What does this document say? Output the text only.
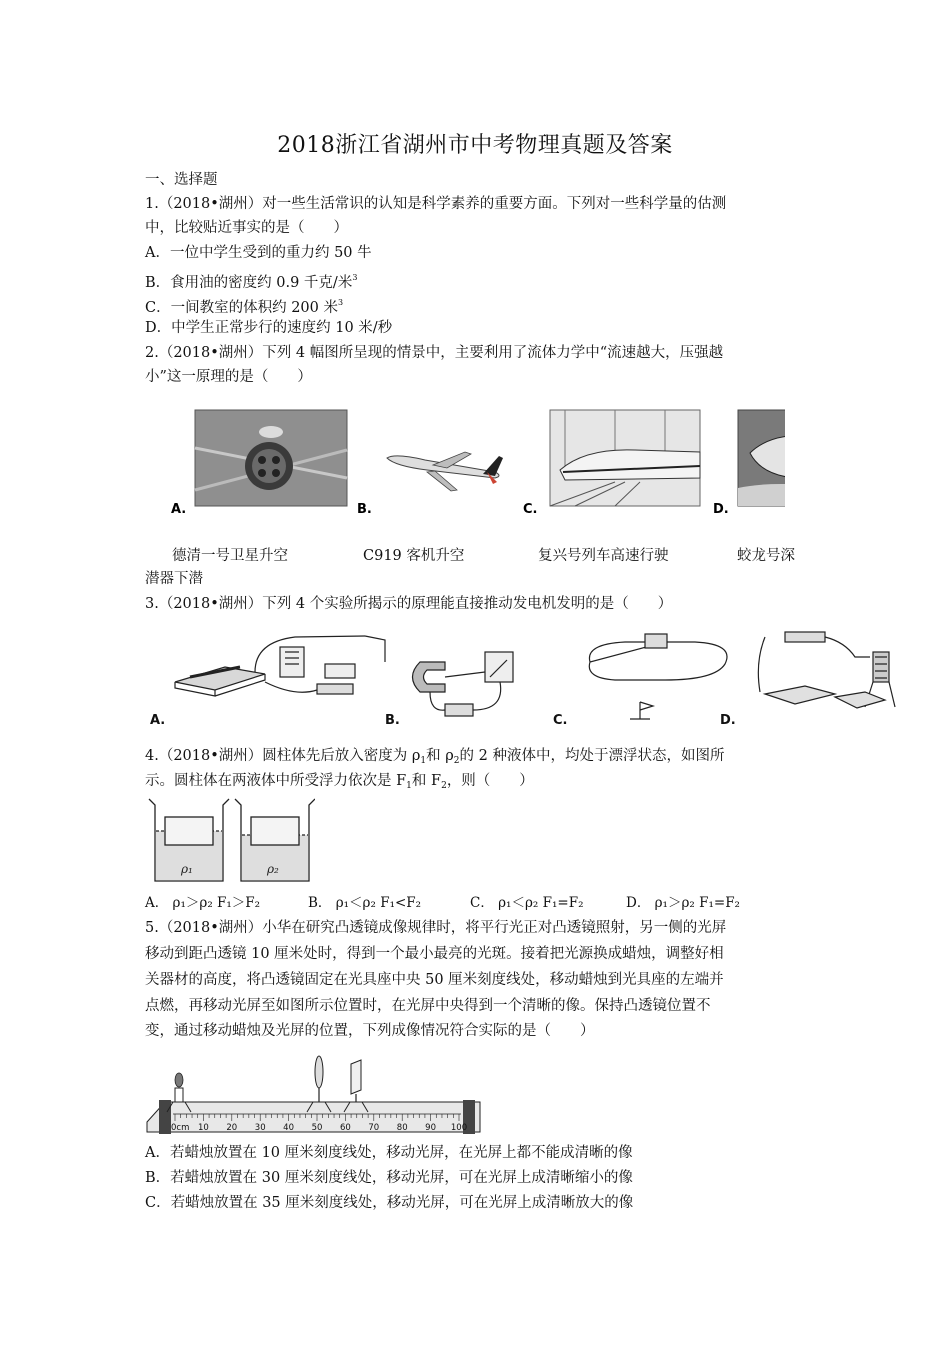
2018浙江省湖州市中考物理真题及答案
一、选择题
1.（2018•湖州）对一些生活常识的认知是科学素养的重要方面。下列对一些科学量的估测
中，比较贴近事实的是（　　）
A．一位中学生受到的重力约 50 牛
B．食用油的密度约 0.9 千克/米$^3$
C．一间教室的体积约 200 米$^3$
D．中学生正常步行的速度约 10 米/秒
2.（2018•湖州）下列 4 幅图所呈现的情景中，主要利用了流体力学中“流速越大，压强越
小”这一原理的是（　　）
A.	B.	C.	D.
德清一号卫星升空	C919 客机升空	复兴号列车高速行驶	蛟龙号深
潜器下潜
3.（2018•湖州）下列 4 个实验所揭示的原理能直接推动发电机发明的是（　　）
A.	B.	C.	D.
4.（2018•湖州）圆柱体先后放入密度为 $\rho_1$和 $\rho_2$的 2 种液体中，均处于漂浮状态，如图所
示。圆柱体在两液体中所受浮力依次是 $F_1$和 $F_2$，则（　　）
ρ₁	ρ₂
A． ρ₁＞ρ₂ F₁＞F₂	B． ρ₁＜ρ₂ F₁<F₂	C． ρ₁＜ρ₂ F₁=F₂	D． ρ₁＞ρ₂ F₁=F₂
5.（2018•湖州）小华在研究凸透镜成像规律时，将平行光正对凸透镜照射，另一侧的光屏
移动到距凸透镜 10 厘米处时，得到一个最小最亮的光斑。接着把光源换成蜡烛，调整好相
关器材的高度，将凸透镜固定在光具座中央 50 厘米刻度线处，移动蜡烛到光具座的左端并
点燃，再移动光屏至如图所示位置时，在光屏中央得到一个清晰的像。保持凸透镜位置不
变，通过移动蜡烛及光屏的位置，下列成像情况符合实际的是（　　）
0cm 10 20 30 40 50 60 70 80 90 100
A．若蜡烛放置在 10 厘米刻度线处，移动光屏，在光屏上都不能成清晰的像
B．若蜡烛放置在 30 厘米刻度线处，移动光屏，可在光屏上成清晰缩小的像
C．若蜡烛放置在 35 厘米刻度线处，移动光屏，可在光屏上成清晰放大的像
